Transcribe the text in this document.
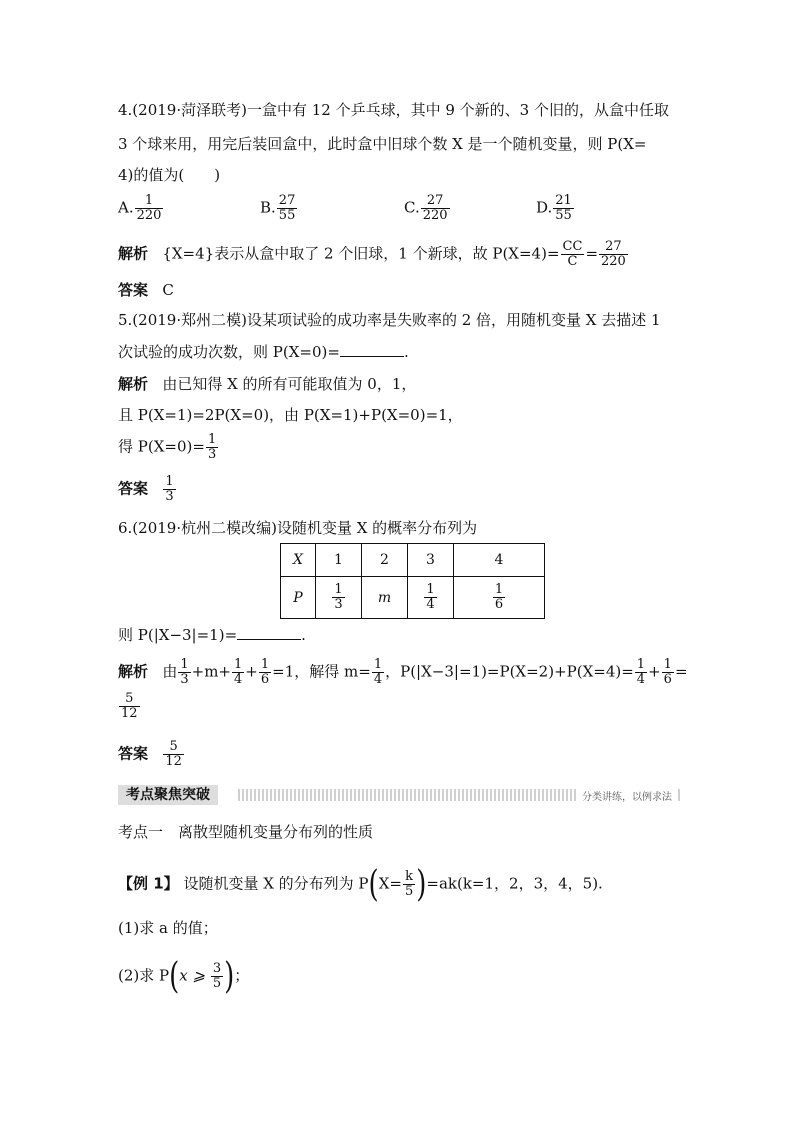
4.(2019·菏泽联考)一盒中有 12 个乒乓球，其中 9 个新的、3 个旧的，从盒中任取
3 个球来用，用完后装回盒中，此时盒中旧球个数 X 是一个随机变量，则 P(X=
4)的值为(　　)
A. $\frac{1}{220}$	B. $\frac{27}{55}$	C. $\frac{27}{220}$	D. $\frac{21}{55}$
解析 {X=4}表示从盒中取了 2 个旧球，1 个新球，故 $P(X=4)= \frac{CC}{C} = \frac{27}{220}$
答案 C
5.(2019·郑州二模)设某项试验的成功率是失败率的 2 倍，用随机变量 X 去描述 1
次试验的成功次数，则 P(X=0)=	.
解析 由已知得 X 的所有可能取值为 0，1，
且 P(X=1)=2P(X=0)，由 P(X=1)+P(X=0)=1，
得 $P(X=0)= \frac{1}{3}$
答案 $\frac{1}{3}$
6.(2019·杭州二模改编)设随机变量 X 的概率分布列为
X	1	2	3	4
P	$\frac{1}{3}$	m	$\frac{1}{4}$	$\frac{1}{6}$
则 P(|X−3|=1)=	.
解析 由 $\frac{1}{3} +m+ \frac{1}{4} + \frac{1}{6} =1$，解得 $m= \frac{1}{4}$ ，$P(|X-3|=1)=P(X=2)+P(X=4)= \frac{1}{4} + \frac{1}{6}$ =
$\frac{5}{12}$
答案 $\frac{5}{12}$
考点聚焦突破	分类讲练，以例求法
考点一　离散型随机变量分布列的性质
【例 1】 设随机变量 X 的分布列为 $P(X= \frac{k}{5} )=ak(k=1$，2，3，4，5).
(1)求 a 的值；
(2)求 P(x ⩾ $\frac{3}{5}$ )；
